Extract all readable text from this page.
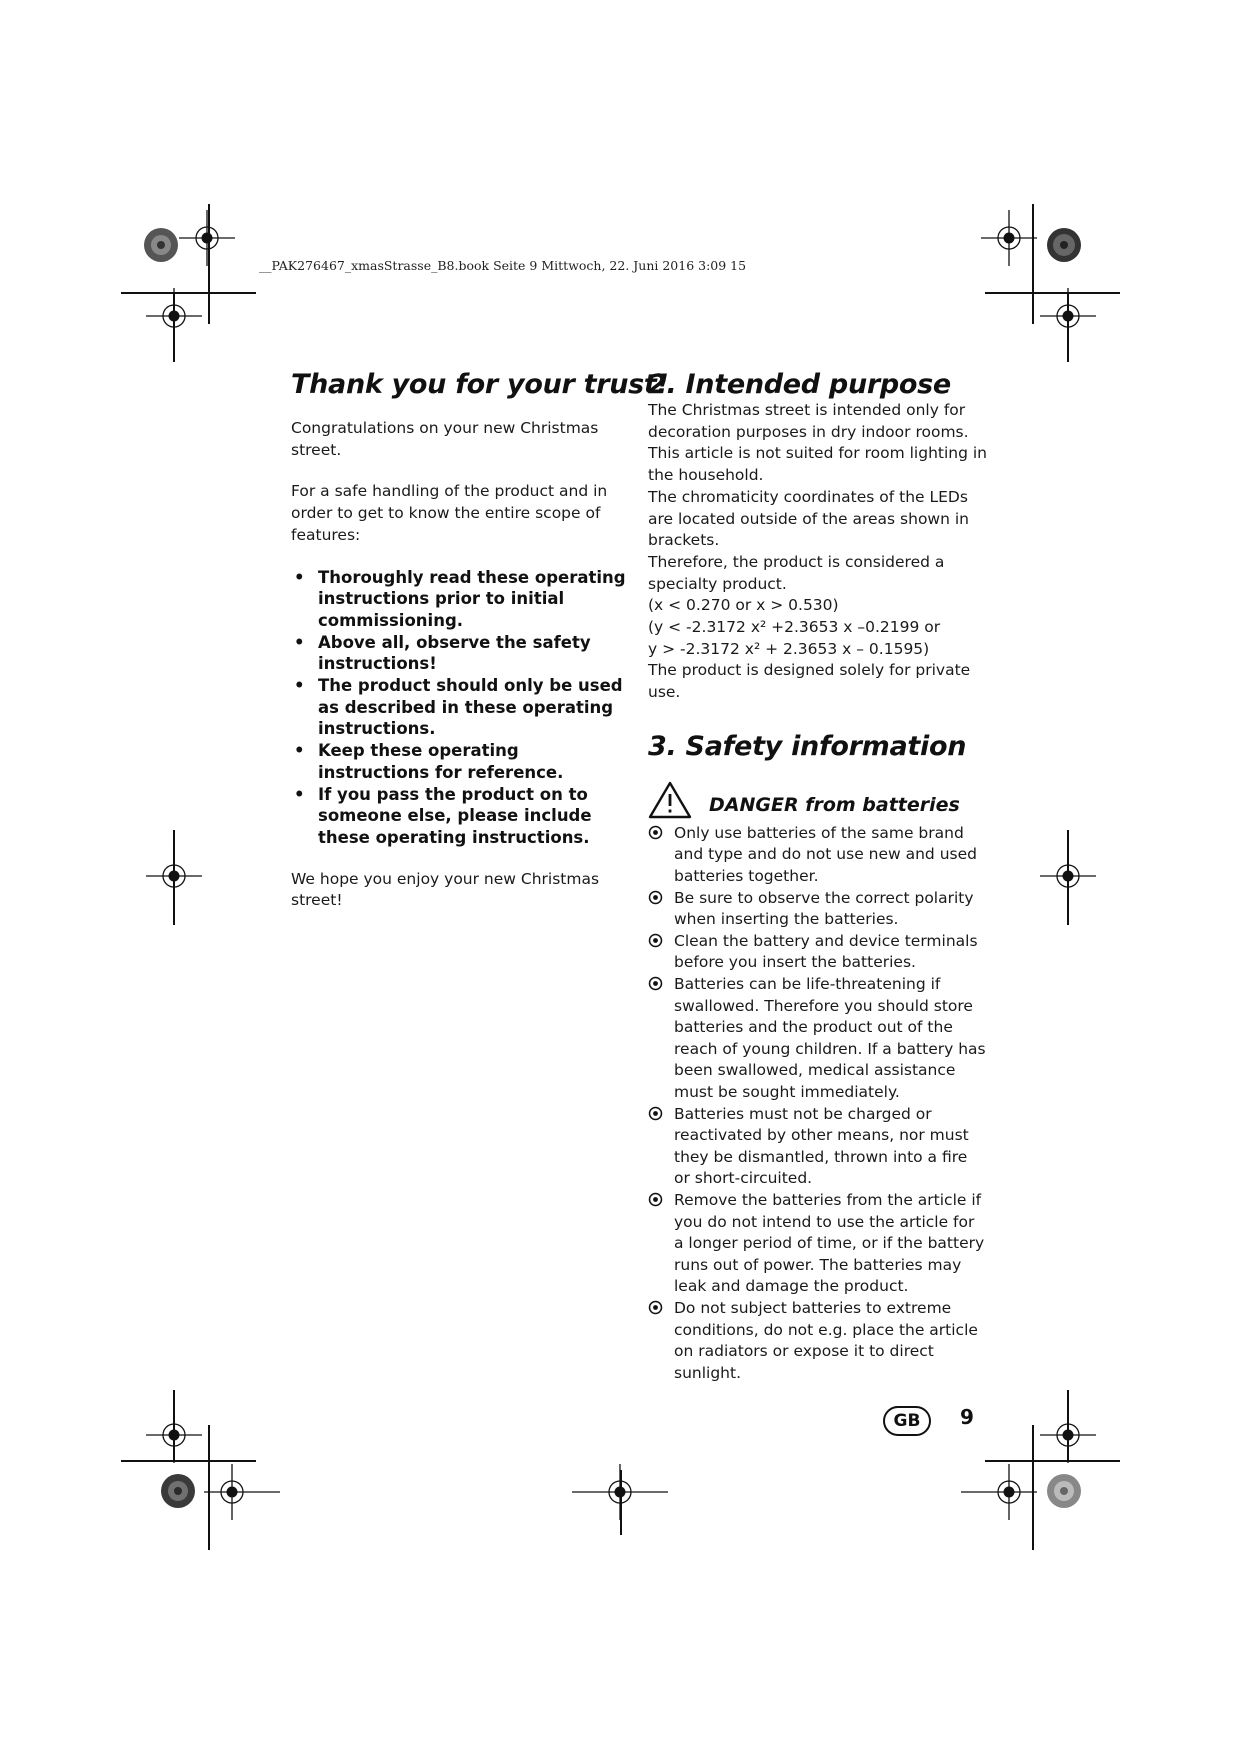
__PAK276467_xmasStrasse_B8.book Seite 9 Mittwoch, 22. Juni 2016 3:09 15
Thank you for your trust!

Congratulations on your new Christmas street.

For a safe handling of the product and in order to get to know the entire scope of features:

• Thoroughly read these operating instructions prior to initial commissioning.
• Above all, observe the safety instructions!
• The product should only be used as described in these operating instructions.
• Keep these operating instructions for reference.
• If you pass the product on to someone else, please include these operating instructions.

We hope you enjoy your new Christmas street!

2. Intended purpose

The Christmas street is intended only for decoration purposes in dry indoor rooms.

This article is not suited for room lighting in the household.

The chromaticity coordinates of the LEDs are located outside of the areas shown in brackets.

Therefore, the product is considered a specialty product.

(x < 0.270 or x > 0.530)

(y < -2.3172 x² +2.3653 x –0.2199 or

y > -2.3172 x² + 2.3653 x – 0.1595)

The product is designed solely for private use.

3. Safety information
DANGER from batteries
Only use batteries of the same brand and type and do not use new and used batteries together.
Be sure to observe the correct polarity when inserting the batteries.
Clean the battery and device terminals before you insert the batteries.
Batteries can be life-threatening if swallowed. Therefore you should store batteries and the product out of the reach of young children. If a battery has been swallowed, medical assistance must be sought immediately.
Batteries must not be charged or reactivated by other means, nor must they be dismantled, thrown into a fire or short-circuited.
Remove the batteries from the article if you do not intend to use the article for a longer period of time, or if the battery runs out of power. The batteries may leak and damage the product.
Do not subject batteries to extreme conditions, do not e.g. place the article on radiators or expose it to direct sunlight.
GB	9
